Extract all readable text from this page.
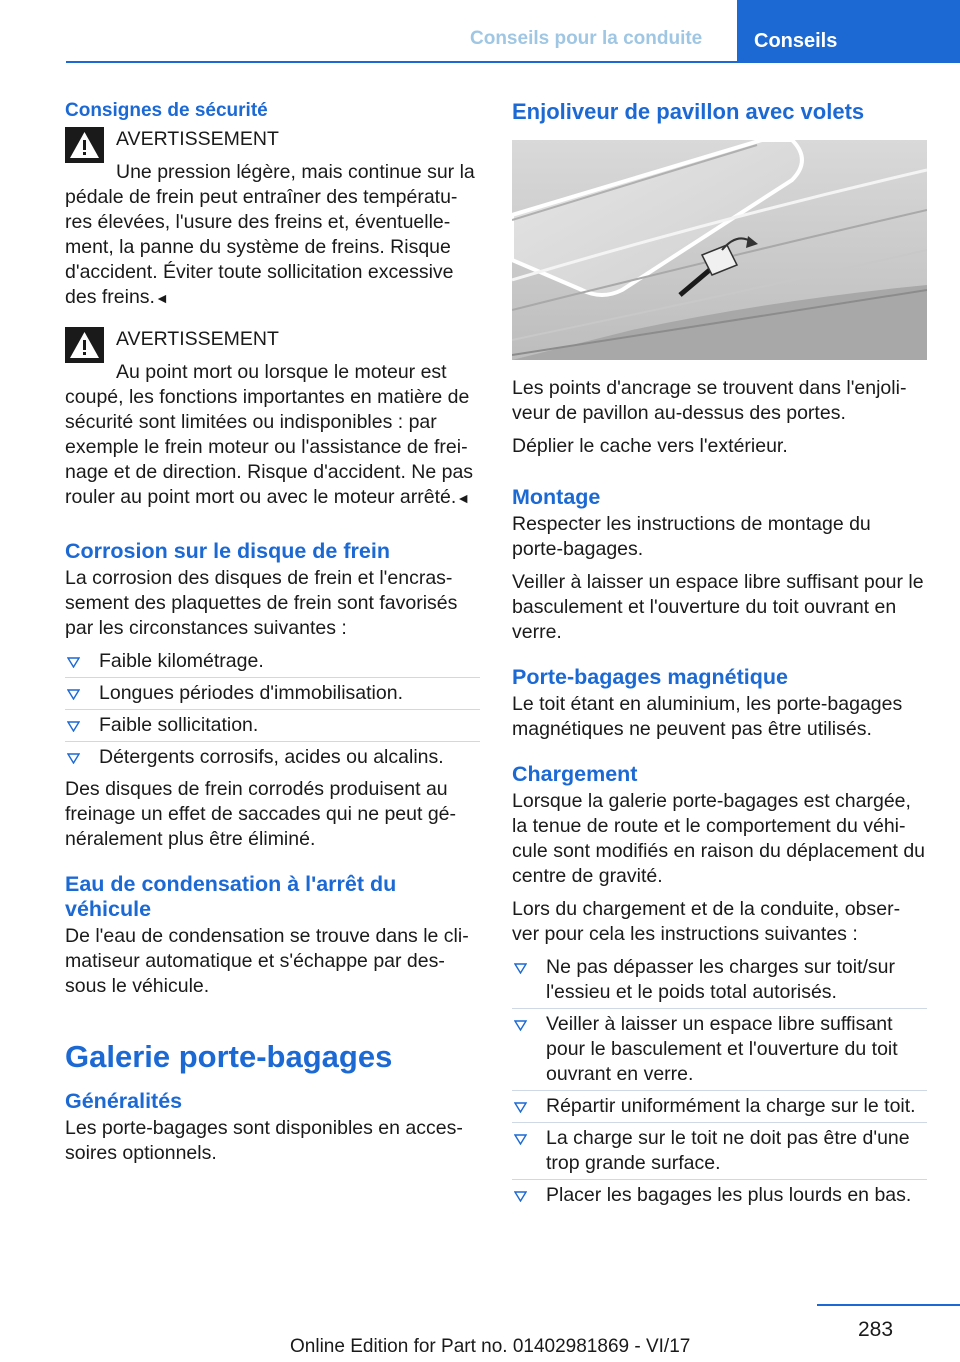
Conseils pour la conduite	Conseils
Consignes de sécurité
AVERTISSEMENT
Une pression légère, mais continue sur la pédale de frein peut entraîner des températu-res élevées, l'usure des freins et, éventuelle-ment, la panne du système de freins. Risque d'accident. Éviter toute sollicitation excessive des freins.◄
AVERTISSEMENT
Au point mort ou lorsque le moteur est coupé, les fonctions importantes en matière de sécurité sont limitées ou indisponibles : par exemple le frein moteur ou l'assistance de frei-nage et de direction. Risque d'accident. Ne pas rouler au point mort ou avec le moteur arrêté.◄
Corrosion sur le disque de frein

La corrosion des disques de frein et l'encras-sement des plaquettes de frein sont favorisés par les circonstances suivantes :

Faible kilométrage.
Longues périodes d'immobilisation.
Faible sollicitation.
Détergents corrosifs, acides ou alcalins.

Des disques de frein corrodés produisent au freinage un effet de saccades qui ne peut gé-néralement plus être éliminé.

Eau de condensation à l'arrêt du véhicule

De l'eau de condensation se trouve dans le cli-matiseur automatique et s'échappe par des-sous le véhicule.

Galerie porte-bagages
Généralités

Les porte-bagages sont disponibles en acces-soires optionnels.

Enjoliveur de pavillon avec volets

Les points d'ancrage se trouvent dans l'enjoli-veur de pavillon au-dessus des portes.

Déplier le cache vers l'extérieur.

Montage

Respecter les instructions de montage du porte-bagages.

Veiller à laisser un espace libre suffisant pour le basculement et l'ouverture du toit ouvrant en verre.

Porte-bagages magnétique

Le toit étant en aluminium, les porte-bagages magnétiques ne peuvent pas être utilisés.

Chargement

Lorsque la galerie porte-bagages est chargée, la tenue de route et le comportement du véhi-cule sont modifiés en raison du déplacement du centre de gravité.

Lors du chargement et de la conduite, obser-ver pour cela les instructions suivantes :

Ne pas dépasser les charges sur toit/sur l'essieu et le poids total autorisés.
Veiller à laisser un espace libre suffisant pour le basculement et l'ouverture du toit ouvrant en verre.
Répartir uniformément la charge sur le toit.
La charge sur le toit ne doit pas être d'une trop grande surface.
Placer les bagages les plus lourds en bas.
283
Online Edition for Part no. 01402981869 - VI/17
